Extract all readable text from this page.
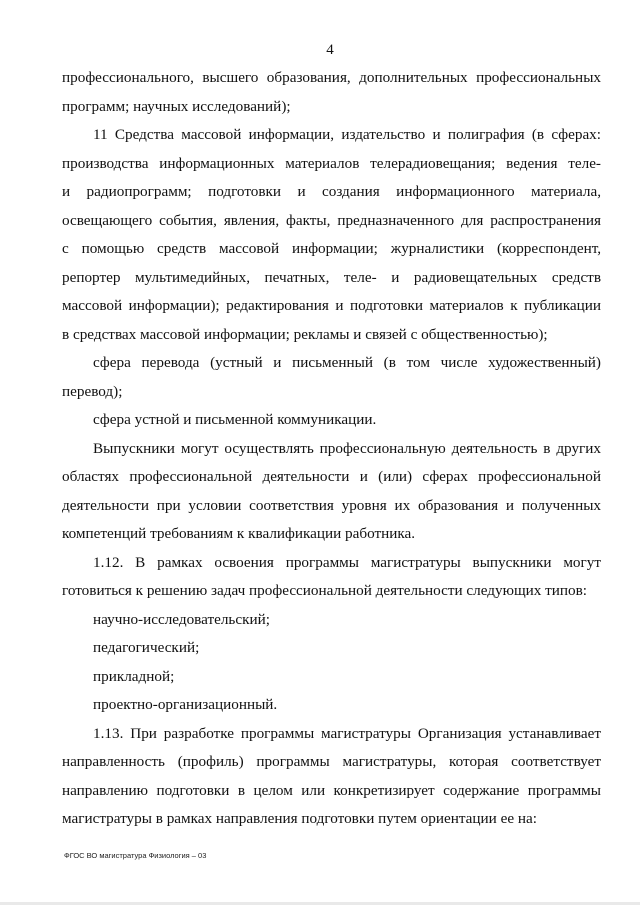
4
профессионального, высшего образования, дополнительных профессиональных
программ; научных исследований);
11 Средства массовой информации, издательство и полиграфия (в сферах:
производства информационных материалов телерадиовещания; ведения теле-
и радиопрограмм; подготовки и создания информационного материала,
освещающего события, явления, факты, предназначенного для распространения
с помощью средств массовой информации; журналистики (корреспондент,
репортер мультимедийных, печатных, теле- и радиовещательных средств
массовой информации); редактирования и подготовки материалов к публикации
в средствах массовой информации; рекламы и связей с общественностью);
сфера перевода (устный и письменный (в том числе художественный)
перевод);
сфера устной и письменной коммуникации.
Выпускники могут осуществлять профессиональную деятельность в других
областях профессиональной деятельности и (или) сферах профессиональной
деятельности при условии соответствия уровня их образования и полученных
компетенций требованиям к квалификации работника.
1.12. В рамках освоения программы магистратуры выпускники могут
готовиться к решению задач профессиональной деятельности следующих типов:
научно-исследовательский;
педагогический;
прикладной;
проектно-организационный.
1.13. При разработке программы магистратуры Организация устанавливает
направленность (профиль) программы магистратуры, которая соответствует
направлению подготовки в целом или конкретизирует содержание программы
магистратуры в рамках направления подготовки путем ориентации ее на:
ФГОС ВО магистратура Физиология – 03
